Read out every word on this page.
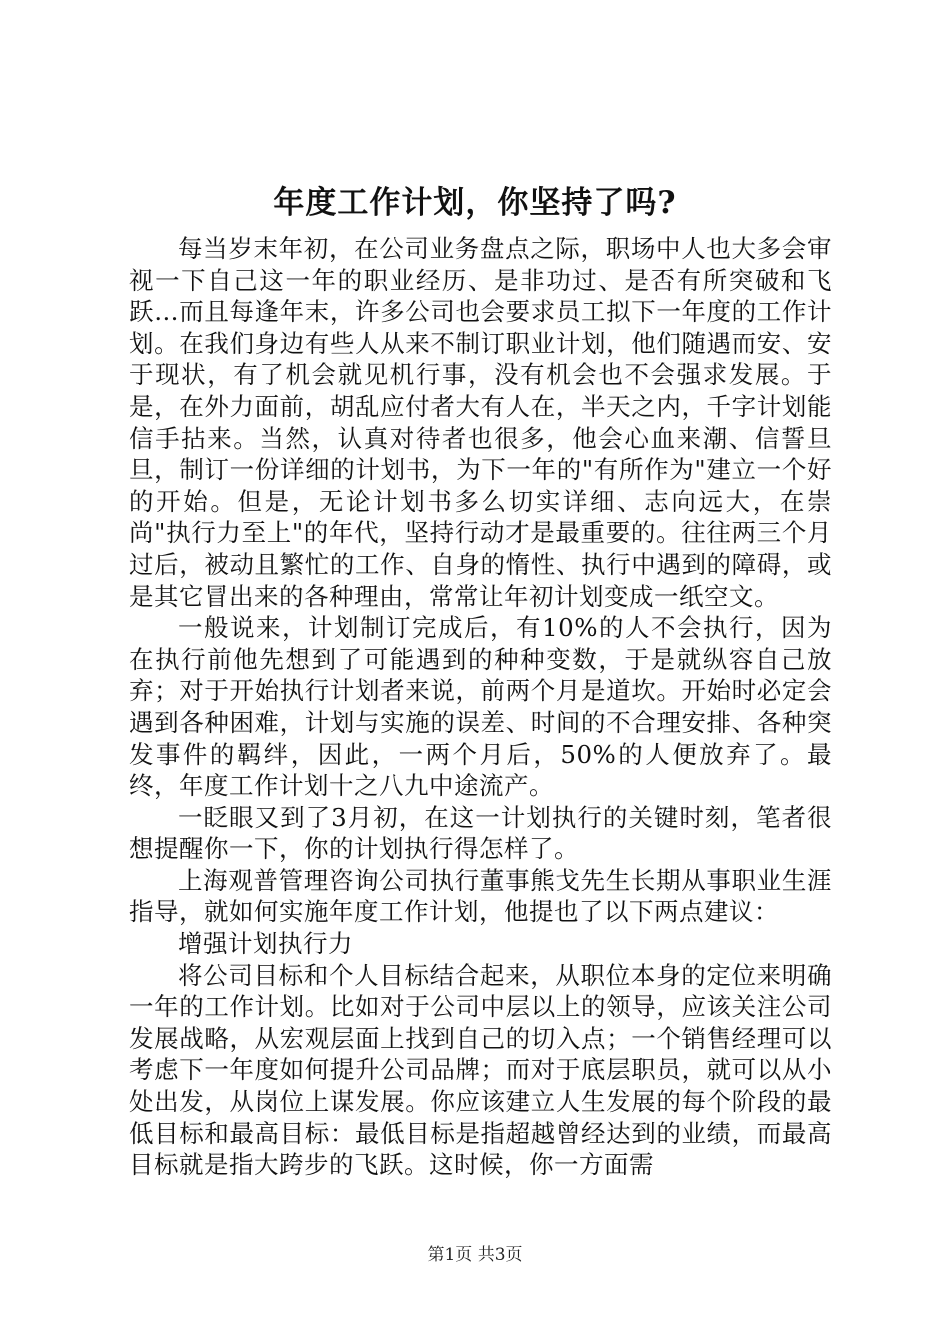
年度工作计划，你坚持了吗?

每当岁末年初，在公司业务盘点之际，职场中人也大多会审视一下自己这一年的职业经历、是非功过、是否有所突破和飞跃…而且每逢年末，许多公司也会要求员工拟下一年度的工作计划。在我们身边有些人从来不制订职业计划，他们随遇而安、安于现状，有了机会就见机行事，没有机会也不会强求发展。于是，在外力面前，胡乱应付者大有人在，半天之内，千字计划能信手拈来。当然，认真对待者也很多，他会心血来潮、信誓旦旦，制订一份详细的计划书，为下一年的"有所作为"建立一个好的开始。但是，无论计划书多么切实详细、志向远大，在崇尚"执行力至上"的年代，坚持行动才是最重要的。往往两三个月过后，被动且繁忙的工作、自身的惰性、执行中遇到的障碍，或是其它冒出来的各种理由，常常让年初计划变成一纸空文。

一般说来，计划制订完成后，有10%的人不会执行，因为在执行前他先想到了可能遇到的种种变数，于是就纵容自己放弃；对于开始执行计划者来说，前两个月是道坎。开始时必定会遇到各种困难，计划与实施的误差、时间的不合理安排、各种突发事件的羁绊，因此，一两个月后，50%的人便放弃了。最终，年度工作计划十之八九中途流产。

一眨眼又到了3月初，在这一计划执行的关键时刻，笔者很想提醒你一下，你的计划执行得怎样了。

上海观普管理咨询公司执行董事熊戈先生长期从事职业生涯指导，就如何实施年度工作计划，他提也了以下两点建议：

增强计划执行力

将公司目标和个人目标结合起来，从职位本身的定位来明确一年的工作计划。比如对于公司中层以上的领导，应该关注公司发展战略，从宏观层面上找到自己的切入点；一个销售经理可以考虑下一年度如何提升公司品牌；而对于底层职员，就可以从小处出发，从岗位上谋发展。你应该建立人生发展的每个阶段的最低目标和最高目标：最低目标是指超越曾经达到的业绩，而最高目标就是指大跨步的飞跃。这时候，你一方面需

第1页 共3页
